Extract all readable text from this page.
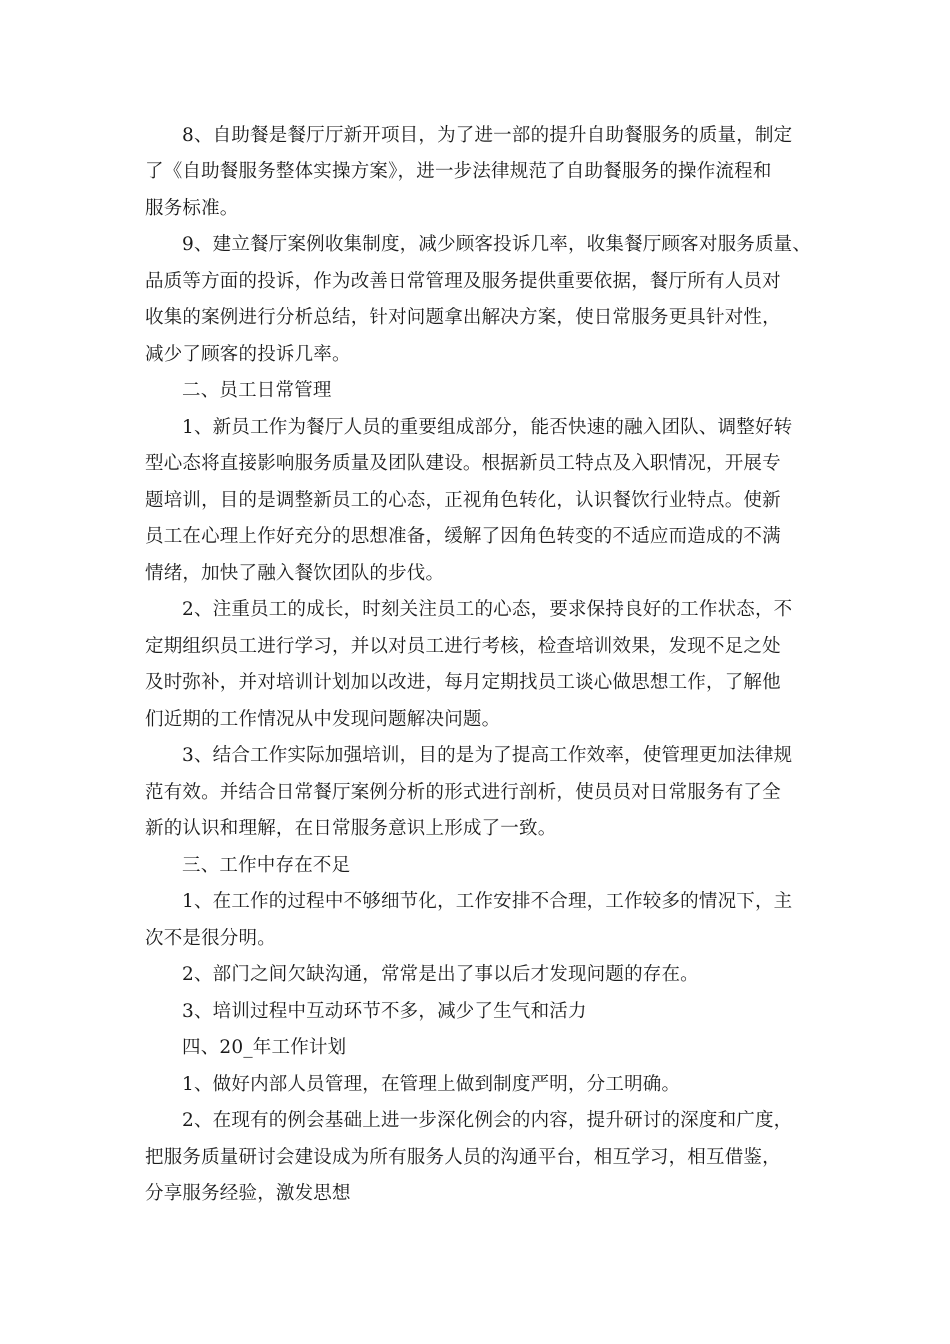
8、自助餐是餐厅厅新开项目，为了进一部的提升自助餐服务的质量，制定
了《自助餐服务整体实操方案》，进一步法律规范了自助餐服务的操作流程和
服务标准。
9、建立餐厅案例收集制度，减少顾客投诉几率，收集餐厅顾客对服务质量、
品质等方面的投诉，作为改善日常管理及服务提供重要依据，餐厅所有人员对
收集的案例进行分析总结，针对问题拿出解决方案，使日常服务更具针对性，
减少了顾客的投诉几率。
二、员工日常管理
1、新员工作为餐厅人员的重要组成部分，能否快速的融入团队、调整好转
型心态将直接影响服务质量及团队建设。根据新员工特点及入职情况，开展专
题培训，目的是调整新员工的心态，正视角色转化，认识餐饮行业特点。使新
员工在心理上作好充分的思想准备，缓解了因角色转变的不适应而造成的不满
情绪，加快了融入餐饮团队的步伐。
2、注重员工的成长，时刻关注员工的心态，要求保持良好的工作状态，不
定期组织员工进行学习，并以对员工进行考核，检查培训效果，发现不足之处
及时弥补，并对培训计划加以改进，每月定期找员工谈心做思想工作，了解他
们近期的工作情况从中发现问题解决问题。
3、结合工作实际加强培训，目的是为了提高工作效率，使管理更加法律规
范有效。并结合日常餐厅案例分析的形式进行剖析，使员员对日常服务有了全
新的认识和理解，在日常服务意识上形成了一致。
三、工作中存在不足
1、在工作的过程中不够细节化，工作安排不合理，工作较多的情况下，主
次不是很分明。
2、部门之间欠缺沟通，常常是出了事以后才发现问题的存在。
3、培训过程中互动环节不多，减少了生气和活力
四、20_年工作计划
1、做好内部人员管理，在管理上做到制度严明，分工明确。
2、在现有的例会基础上进一步深化例会的内容，提升研讨的深度和广度，
把服务质量研讨会建设成为所有服务人员的沟通平台，相互学习，相互借鉴，
分享服务经验，激发思想
